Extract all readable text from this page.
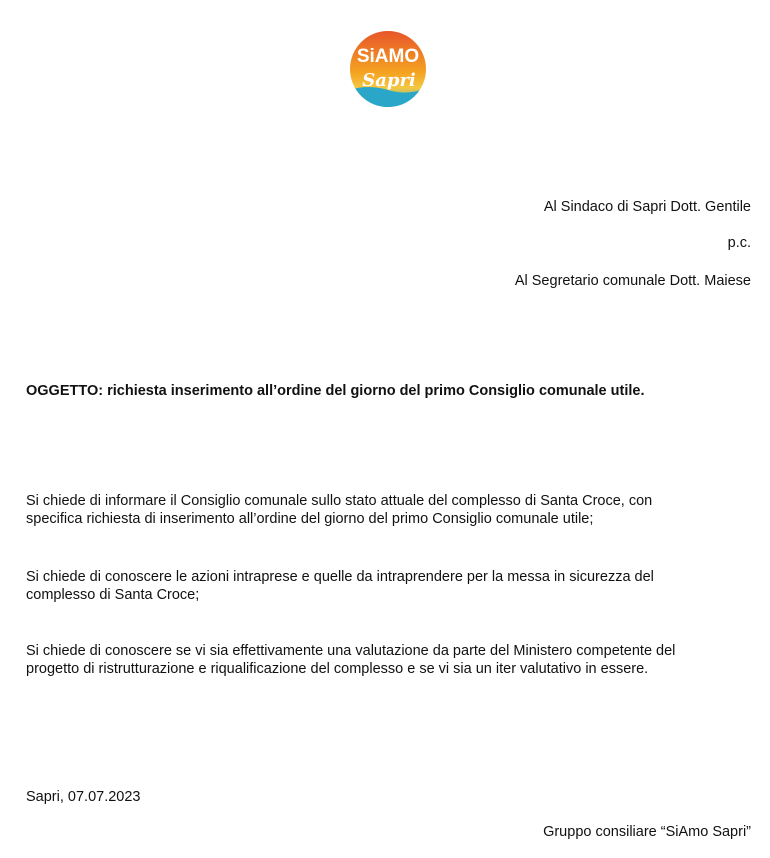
SiAMO
Sapri
Al Sindaco di Sapri Dott. Gentile
p.c.
Al Segretario comunale Dott. Maiese
OGGETTO: richiesta inserimento all’ordine del giorno del primo Consiglio comunale utile.
Si chiede di informare il Consiglio comunale sullo stato attuale del complesso di Santa Croce, con
specifica richiesta di inserimento all’ordine del giorno del primo Consiglio comunale utile;
Si chiede di conoscere le azioni intraprese e quelle da intraprendere per la messa in sicurezza del
complesso di Santa Croce;
Si chiede di conoscere se vi sia effettivamente una valutazione da parte del Ministero competente del
progetto di ristrutturazione e riqualificazione del complesso e se vi sia un iter valutativo in essere.
Sapri, 07.07.2023
Gruppo consiliare “SiAmo Sapri”
